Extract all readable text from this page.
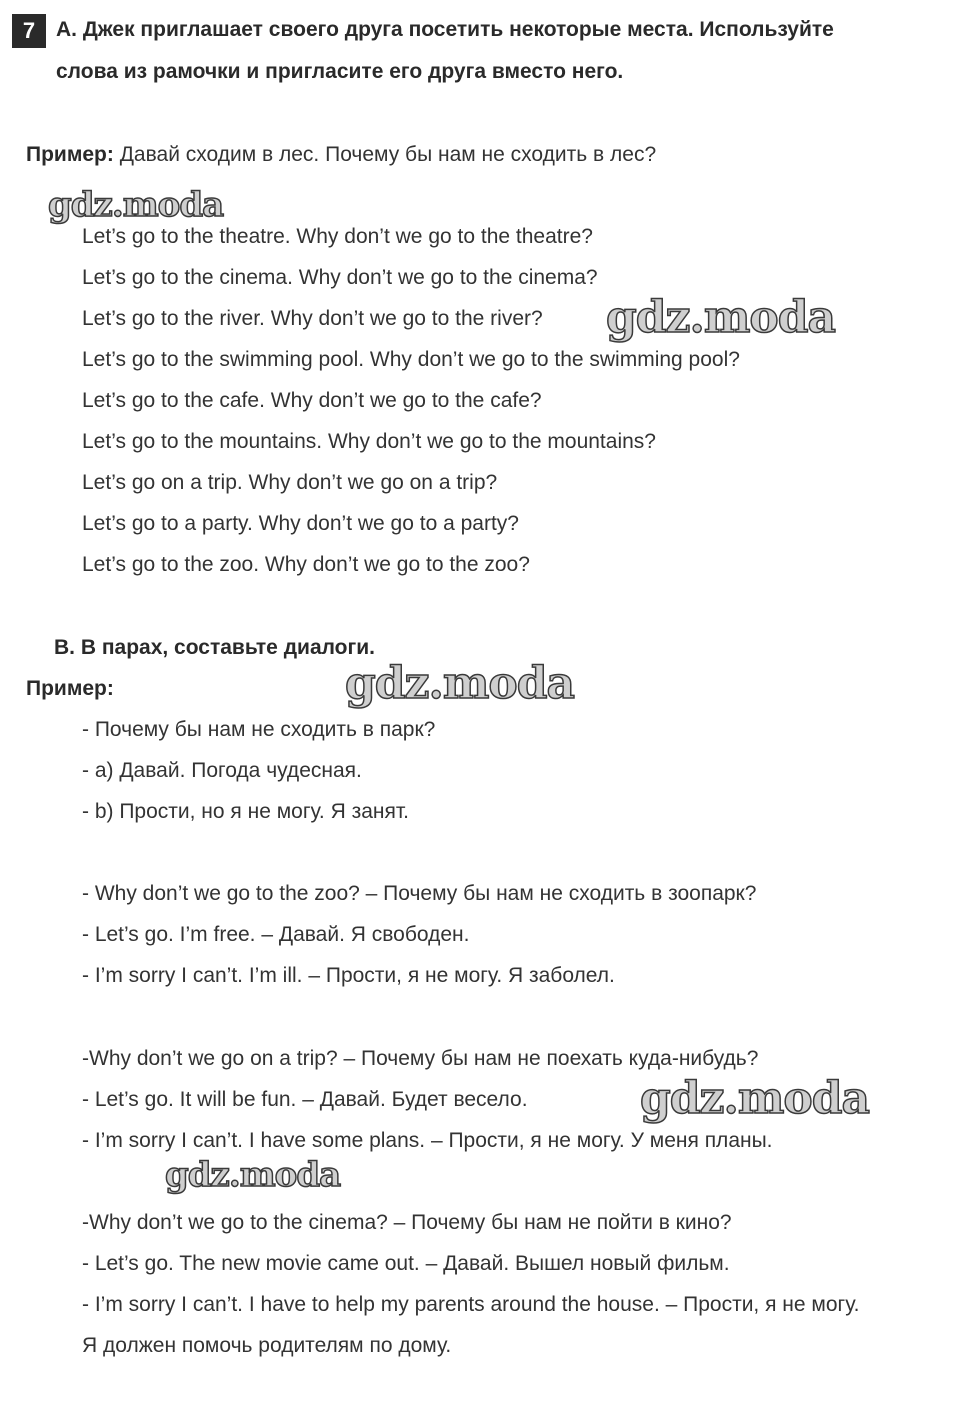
7 A. Джек приглашает своего друга посетить некоторые места. Используйте
слова из рамочки и пригласите его друга вместо него.
Пример: Давай сходим в лес. Почему бы нам не сходить в лес?
Let’s go to the theatre. Why don’t we go to the theatre?
Let’s go to the cinema. Why don’t we go to the cinema?
Let’s go to the river. Why don’t we go to the river?
Let’s go to the swimming pool. Why don’t we go to the swimming pool?
Let’s go to the cafe. Why don’t we go to the cafe?
Let’s go to the mountains. Why don’t we go to the mountains?
Let’s go on a trip. Why don’t we go on a trip?
Let’s go to a party. Why don’t we go to a party?
Let’s go to the zoo. Why don’t we go to the zoo?
B. В парах, составьте диалоги.
Пример:
- Почему бы нам не сходить в парк?
- a) Давай. Погода чудесная.
- b) Прости, но я не могу. Я занят.
- Why don’t we go to the zoo? – Почему бы нам не сходить в зоопарк?
- Let’s go. I’m free. – Давай. Я свободен.
- I’m sorry I can’t. I’m ill. – Прости, я не могу. Я заболел.
-Why don’t we go on a trip? – Почему бы нам не поехать куда-нибудь?
- Let’s go. It will be fun. – Давай. Будет весело.
- I’m sorry I can’t. I have some plans. – Прости, я не могу. У меня планы.
-Why don’t we go to the cinema? – Почему бы нам не пойти в кино?
- Let’s go. The new movie came out. – Давай. Вышел новый фильм.
- I’m sorry I can’t. I have to help my parents around the house. – Прости, я не могу.
Я должен помочь родителям по дому.
gdz.moda
gdz.moda
gdz.moda
gdz.moda
gdz.moda
